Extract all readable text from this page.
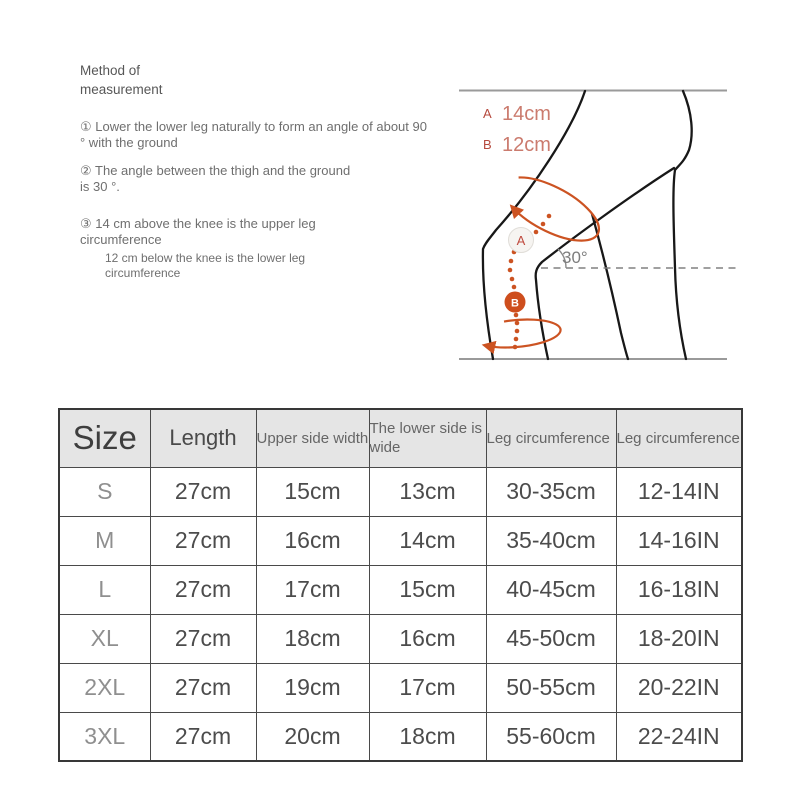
Method of
measurement

① Lower the lower leg naturally to form an angle of about 90 ° with the ground

② The angle between the thigh and the ground is 30 °.

③ 14 cm above the knee is the upper leg circumference

12 cm below the knee is the lower leg circumference

30°
A
B
A 14cm
B 12cm
Size	Length	Upper side width	The lower side is wide	Leg circumference	Leg circumference
S	27cm	15cm	13cm	30-35cm	12-14IN
M	27cm	16cm	14cm	35-40cm	14-16IN
L	27cm	17cm	15cm	40-45cm	16-18IN
XL	27cm	18cm	16cm	45-50cm	18-20IN
2XL	27cm	19cm	17cm	50-55cm	20-22IN
3XL	27cm	20cm	18cm	55-60cm	22-24IN
